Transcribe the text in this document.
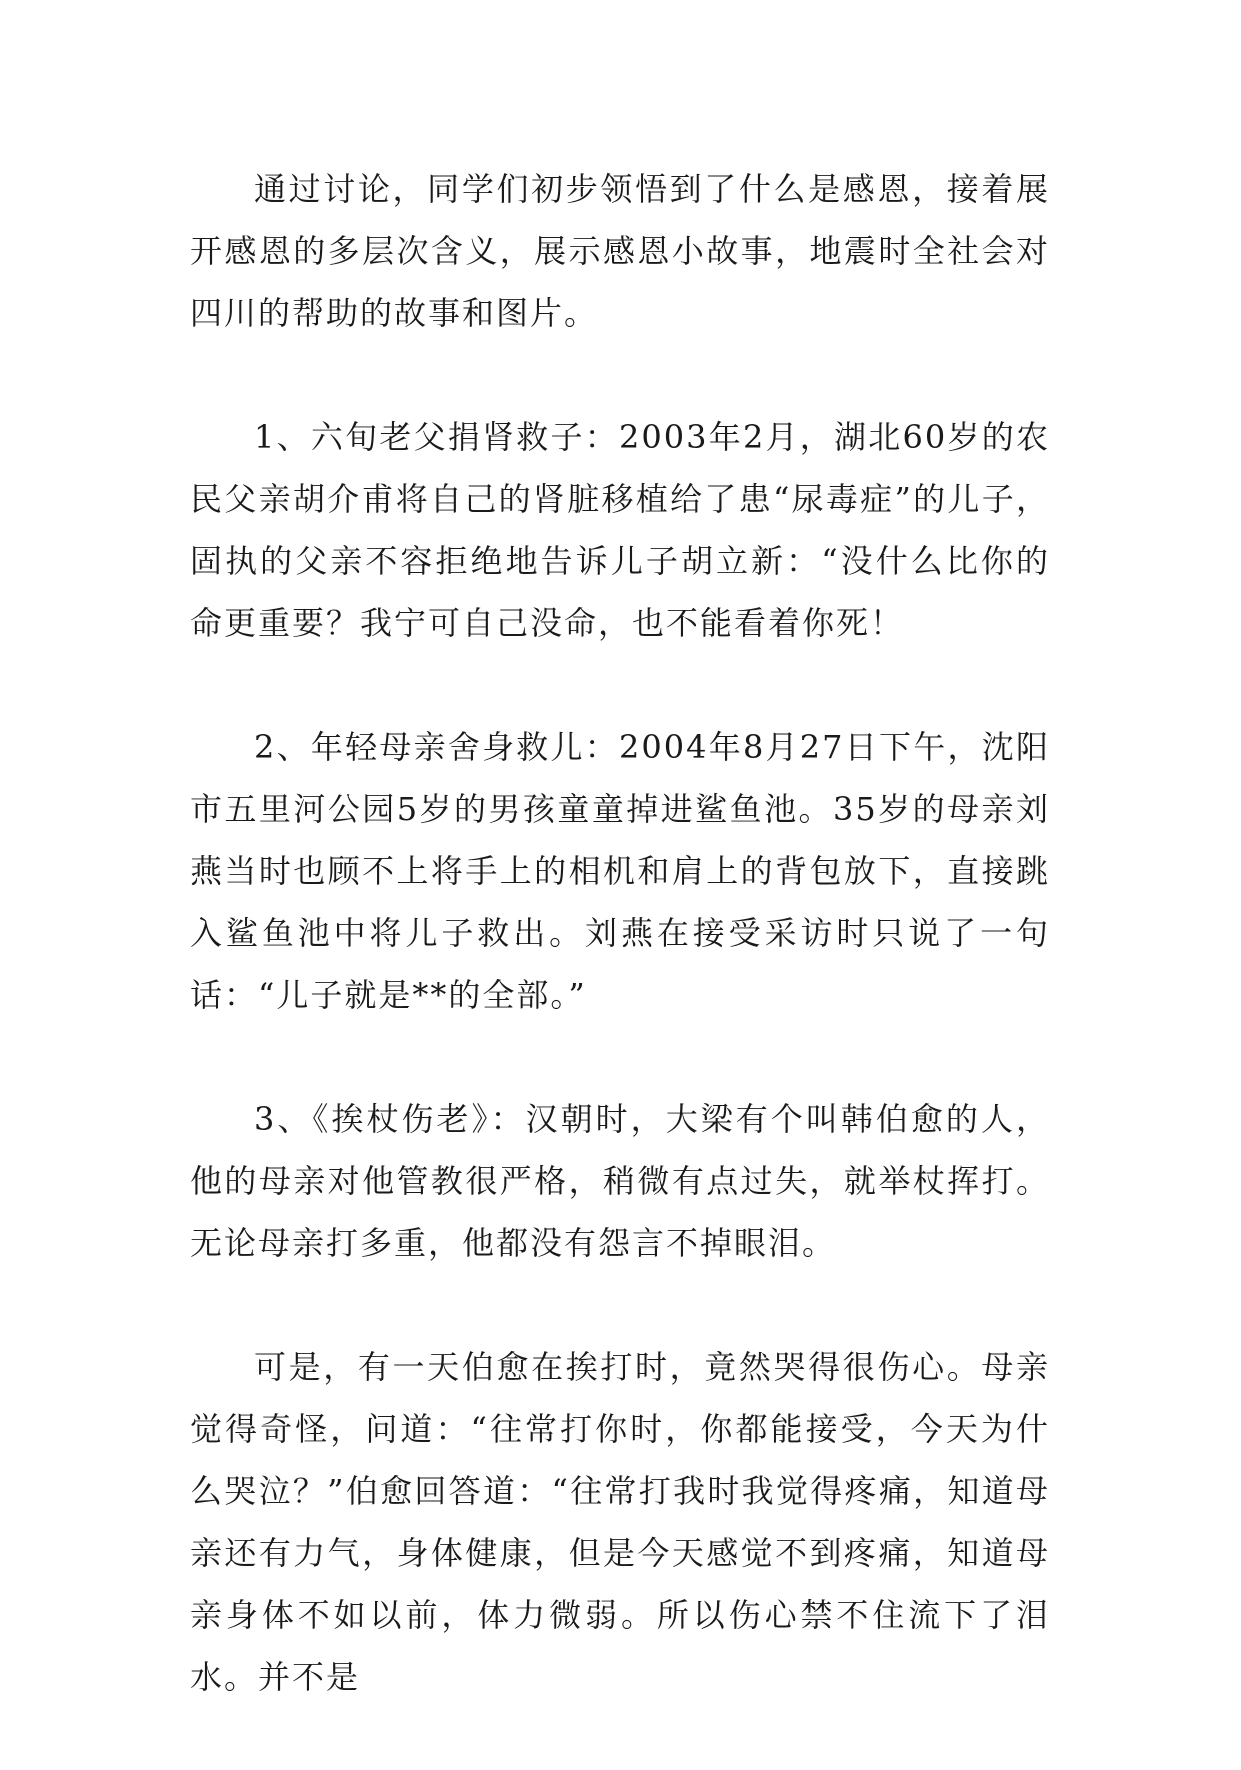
通过讨论，同学们初步领悟到了什么是感恩，接着展开感恩的多层次含义，展示感恩小故事，地震时全社会对四川的帮助的故事和图片。

1、六旬老父捐肾救子：2003年2月，湖北60岁的农民父亲胡介甫将自己的肾脏移植给了患“尿毒症”的儿子，固执的父亲不容拒绝地告诉儿子胡立新：“没什么比你的命更重要？我宁可自己没命，也不能看着你死！

2、年轻母亲舍身救儿：2004年8月27日下午，沈阳市五里河公园5岁的男孩童童掉进鲨鱼池。35岁的母亲刘燕当时也顾不上将手上的相机和肩上的背包放下，直接跳入鲨鱼池中将儿子救出。刘燕在接受采访时只说了一句话：“儿子就是**的全部。”

3、《挨杖伤老》：汉朝时，大梁有个叫韩伯愈的人，他的母亲对他管教很严格，稍微有点过失，就举杖挥打。无论母亲打多重，他都没有怨言不掉眼泪。

可是，有一天伯愈在挨打时，竟然哭得很伤心。母亲觉得奇怪，问道：“往常打你时，你都能接受，今天为什么哭泣？”伯愈回答道：“往常打我时我觉得疼痛，知道母亲还有力气，身体健康，但是今天感觉不到疼痛，知道母亲身体不如以前，体力微弱。所以伤心禁不住流下了泪水。并不是
